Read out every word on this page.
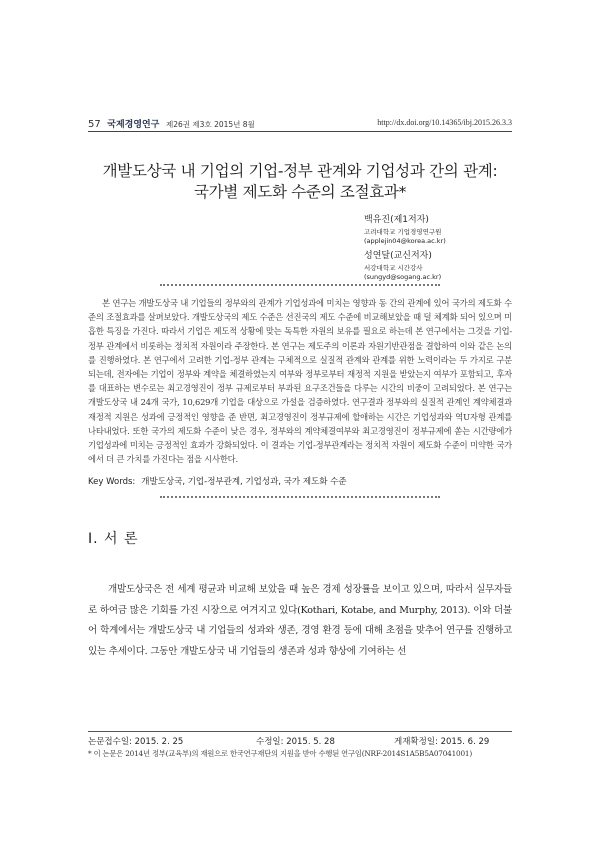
57 국제경영연구 제26권 제3호 2015년 8월	http://dx.doi.org/10.14365/ibj.2015.26.3.3
개발도상국 내 기업의 기업-정부 관계와 기업성과 간의 관계:
국가별 제도화 수준의 조절효과*
백유진(제1저자)
고려대학교 기업경영연구원
(applejin04@korea.ac.kr)
성연달(교신저자)
서강대학교 시간강사
(sungyd@sogang.ac.kr)

본 연구는 개발도상국 내 기업들의 정부와의 관계가 기업성과에 미치는 영향과 동 간의 관계에 있어 국가의 제도화 수준의 조절효과를 살펴보았다. 개발도상국의 제도 수준은 선진국의 제도 수준에 비교해보았을 때 덜 체계화 되어 있으며 미흡한 특징을 가진다. 따라서 기업은 제도적 상황에 맞는 독특한 자원의 보유를 필요로 하는데 본 연구에서는 그것을 기업-정부 관계에서 비롯하는 정치적 자원이라 주장한다. 본 연구는 제도주의 이론과 자원기반관점을 결합하여 이와 같은 논의를 진행하였다. 본 연구에서 고려한 기업-정부 관계는 구체적으로 실질적 관계와 관계를 위한 노력이라는 두 가지로 구분되는데, 전자에는 기업이 정부와 계약을 체결하였는지 여부와 정부로부터 재정적 지원을 받았는지 여부가 포함되고, 후자를 대표하는 변수로는 최고경영진이 정부 규제로부터 부과된 요구조건들을 다루는 시간의 비중이 고려되었다. 본 연구는 개발도상국 내 24개 국가, 10,629개 기업을 대상으로 가설을 검증하였다. 연구결과 정부와의 실질적 관계인 계약체결과 재정적 지원은 성과에 긍정적인 영향을 준 반면, 최고경영진이 정부규제에 할애하는 시간은 기업성과와 역U자형 관계를 나타내었다. 또한 국가의 제도화 수준이 낮은 경우, 정부와의 계약체결여부와 최고경영진이 정부규제에 쏟는 시간량에가 기업성과에 미치는 긍정적인 효과가 강화되었다. 이 결과는 기업-정부관계라는 정치적 자원이 제도화 수준이 미약한 국가에서 더 큰 가치를 가진다는 점을 시사한다.

Key Words: 개발도상국, 기업-정부관계, 기업성과, 국가 제도화 수준
Ⅰ. 서 론

개발도상국은 전 세계 평균과 비교해 보았을 때 높은 경제 성장률을 보이고 있으며, 따라서 실무자들로 하여금 많은 기회를 가진 시장으로 여겨지고 있다(Kothari, Kotabe, and Murphy, 2013). 이와 더불어 학계에서는 개발도상국 내 기업들의 성과와 생존, 경영 환경 등에 대해 초점을 맞추어 연구를 진행하고 있는 추세이다. 그동안 개발도상국 내 기업들의 생존과 성과 향상에 기여하는 선

논문접수일: 2015. 2. 25	수정일: 2015. 5. 28	게재확정일: 2015. 6. 29
* 이 논문은 2014년 정부(교육부)의 재원으로 한국연구재단의 지원을 받아 수행된 연구임(NRF-2014S1A5B5A07041001)
